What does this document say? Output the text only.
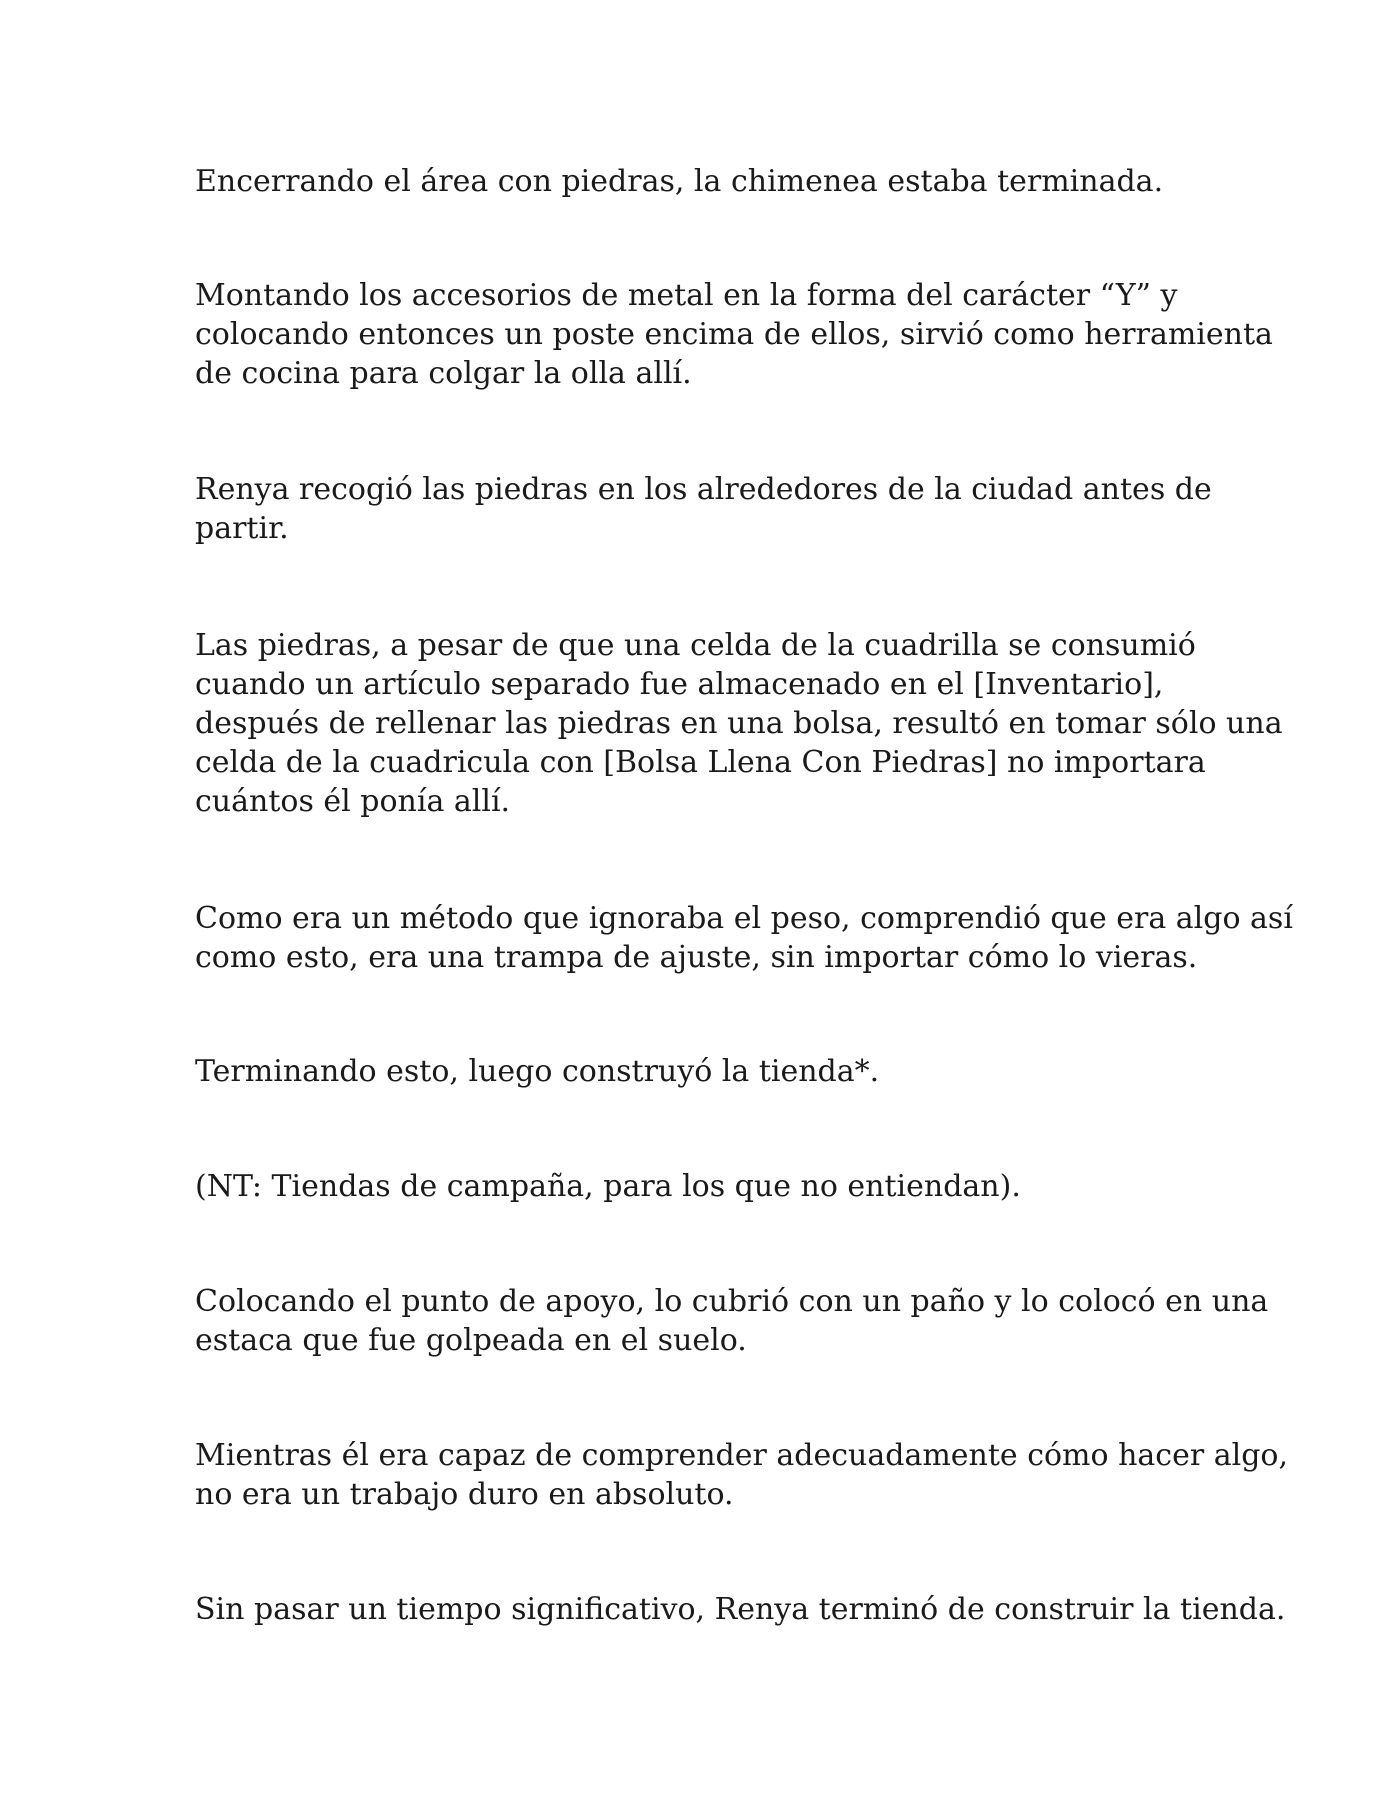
Encerrando el área con piedras, la chimenea estaba terminada.

Montando los accesorios de metal en la forma del carácter “Y” y
colocando entonces un poste encima de ellos, sirvió como herramienta
de cocina para colgar la olla allí.

Renya recogió las piedras en los alrededores de la ciudad antes de
partir.

Las piedras, a pesar de que una celda de la cuadrilla se consumió
cuando un artículo separado fue almacenado en el [Inventario],
después de rellenar las piedras en una bolsa, resultó en tomar sólo una
celda de la cuadricula con [Bolsa Llena Con Piedras] no importara
cuántos él ponía allí.

Como era un método que ignoraba el peso, comprendió que era algo así
como esto, era una trampa de ajuste, sin importar cómo lo vieras.

Terminando esto, luego construyó la tienda*.

(NT: Tiendas de campaña, para los que no entiendan).

Colocando el punto de apoyo, lo cubrió con un paño y lo colocó en una
estaca que fue golpeada en el suelo.

Mientras él era capaz de comprender adecuadamente cómo hacer algo,
no era un trabajo duro en absoluto.

Sin pasar un tiempo significativo, Renya terminó de construir la tienda.
